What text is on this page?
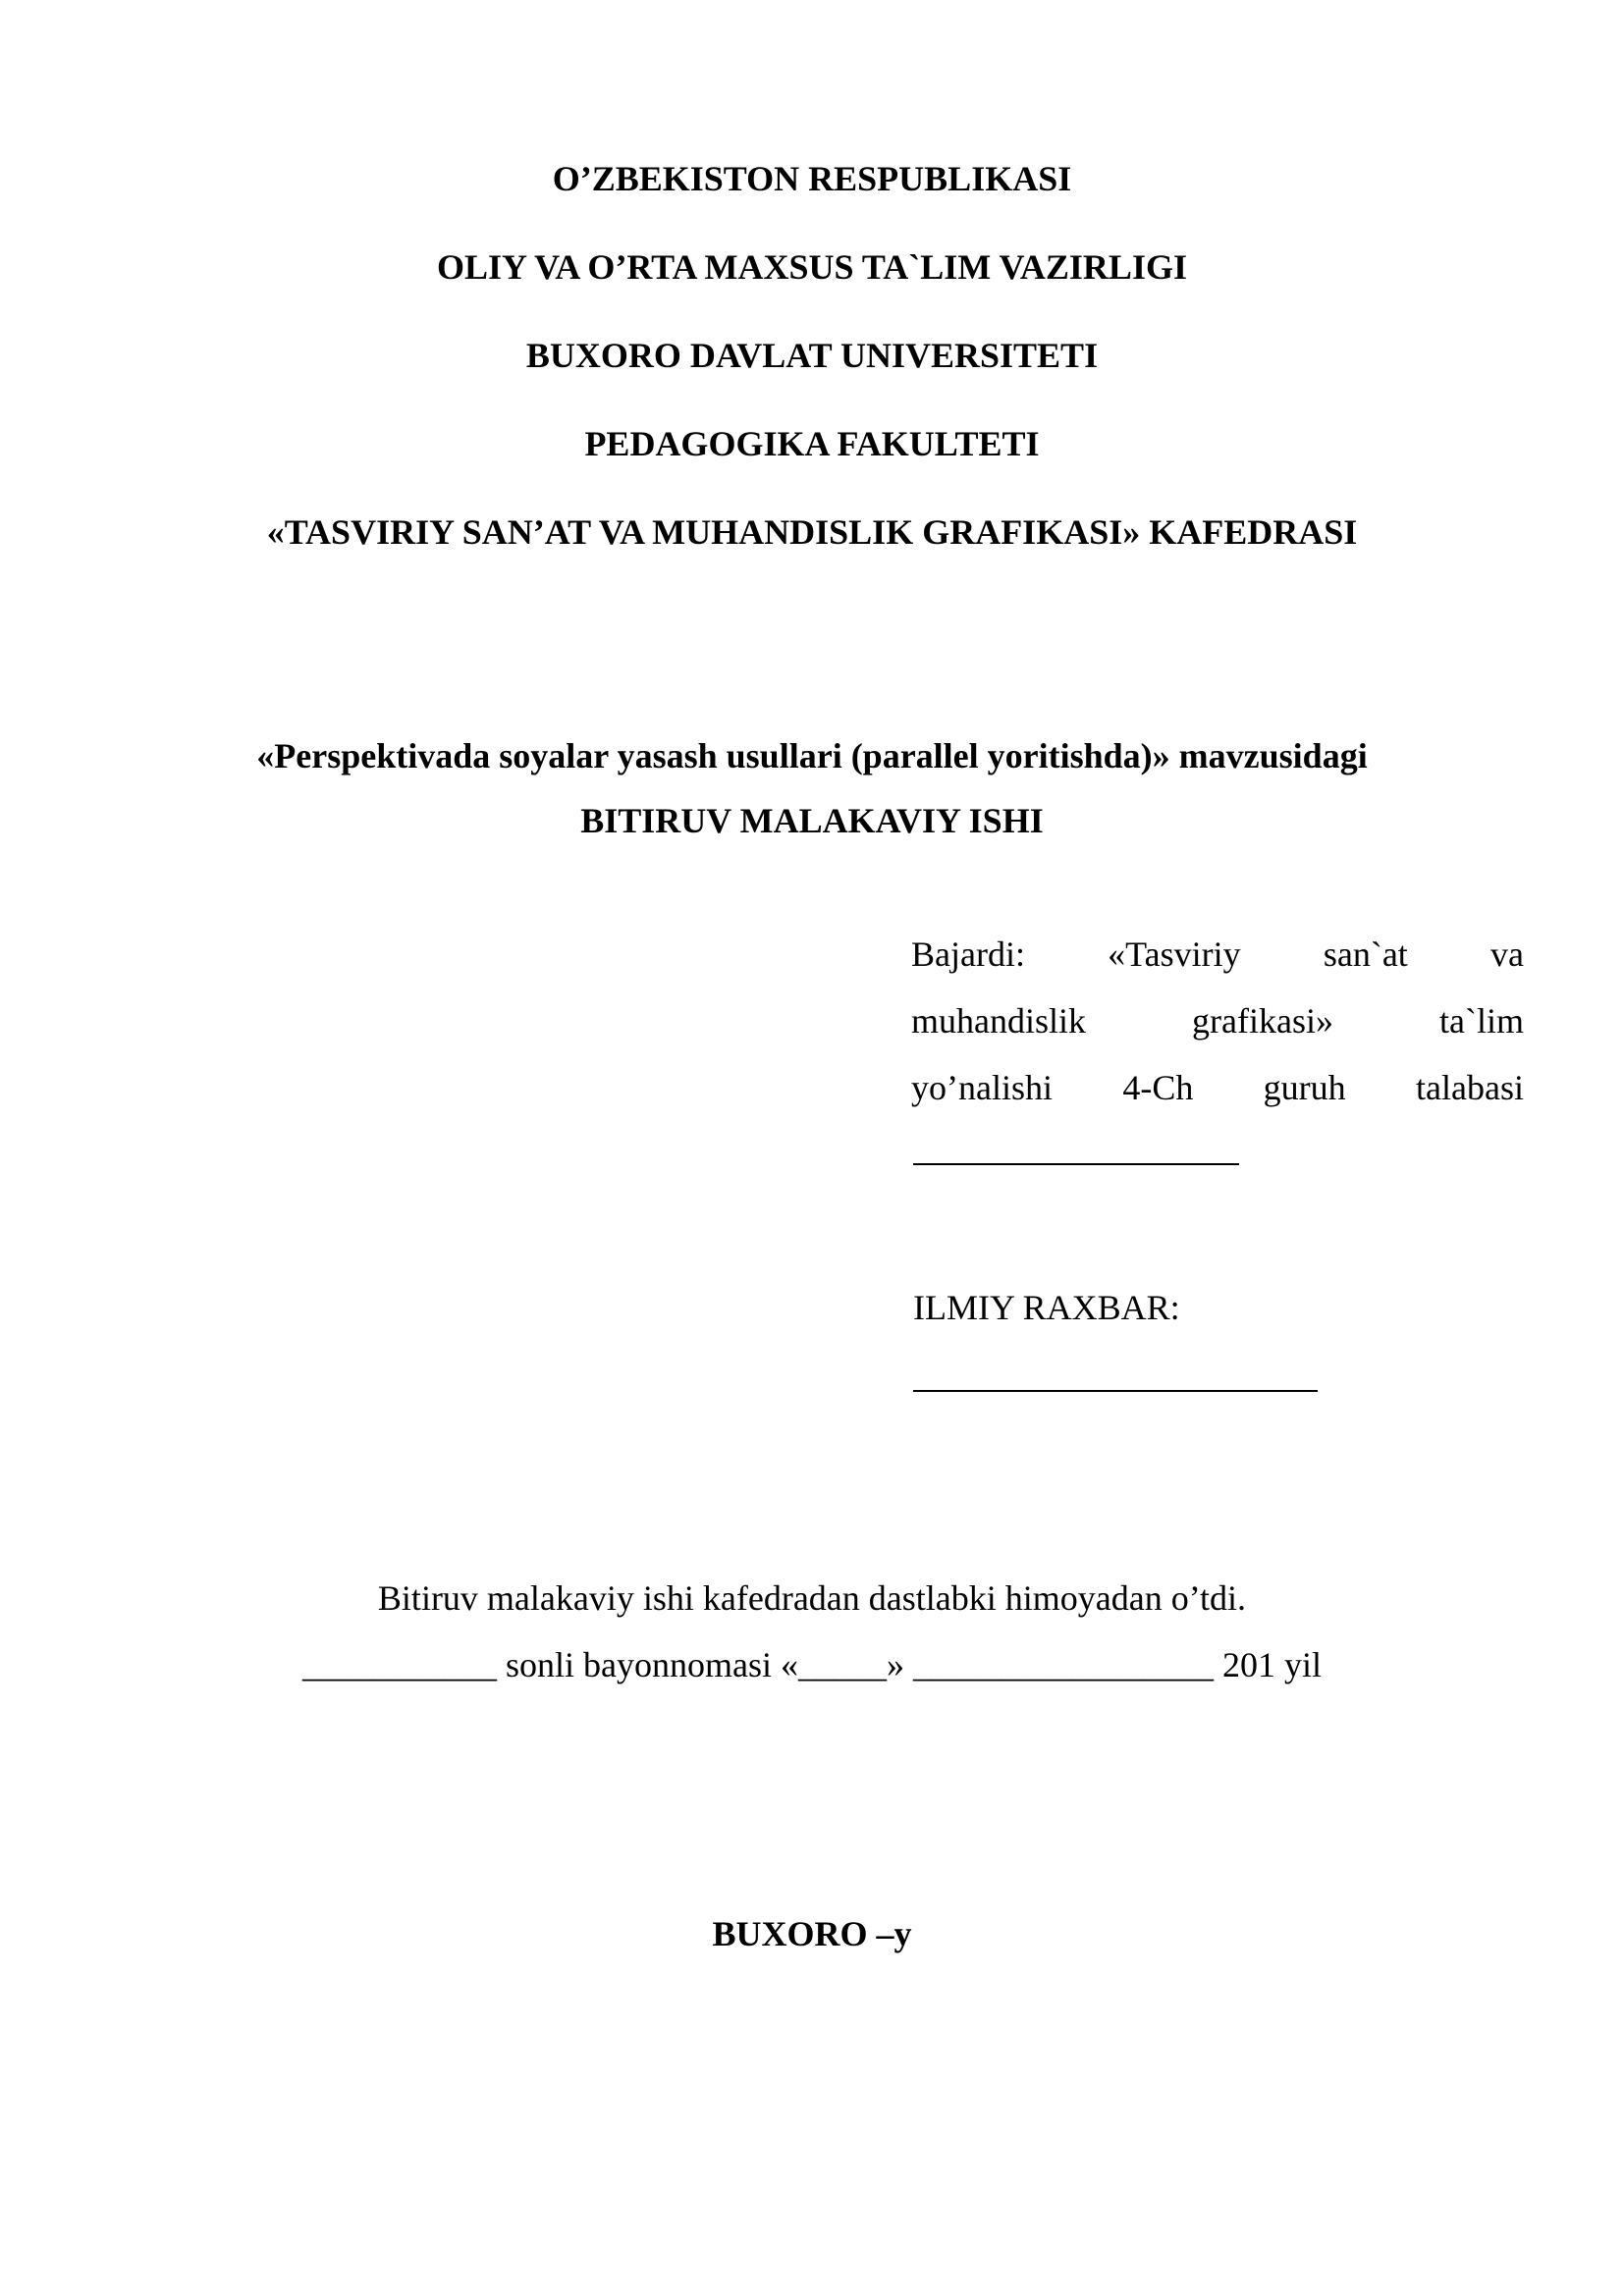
O’ZBEKISTON RESPUBLIKASI
OLIY VA O’RTA MAXSUS TA`LIM VAZIRLIGI
BUXORO DAVLAT UNIVERSITETI
PEDAGOGIKA FAKULTETI
«TASVIRIY SAN’AT VA MUHANDISLIK GRAFIKASI» KAFEDRASI
«Perspektivada soyalar yasash usullari (parallel yoritishda)» mavzusidagi
BITIRUV MALAKAVIY ISHI
Bajardi: «Tasviriy san`at va
muhandislik	grafikasi»	ta`lim
yo’nalishi 4-Ch guruh talabasi
ILMIY RAXBAR:
Bitiruv malakaviy ishi kafedradan dastlabki himoyadan o’tdi.
___________ sonli bayonnomasi «_____» _________________ 201 yil
BUXORO –y
